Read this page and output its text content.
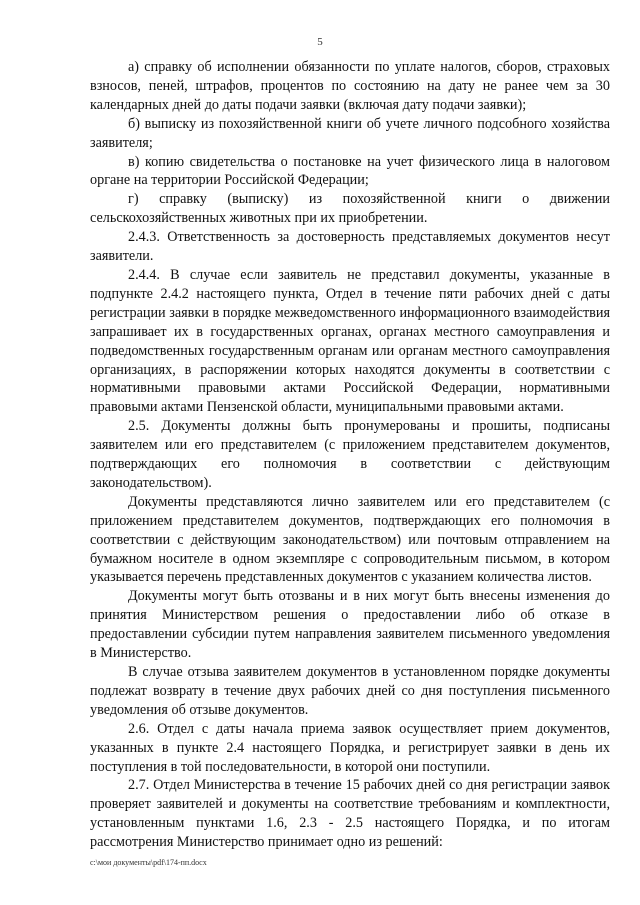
5

а) справку об исполнении обязанности по уплате налогов, сборов, страховых взносов, пеней, штрафов, процентов по состоянию на дату не ранее чем за 30 календарных дней до даты подачи заявки (включая дату подачи заявки);

б) выписку из похозяйственной книги об учете личного подсобного хозяйства заявителя;

в) копию свидетельства о постановке на учет физического лица в налоговом органе на территории Российской Федерации;

г) справку (выписку) из похозяйственной книги о движении сельскохозяйственных животных при их приобретении.

2.4.3. Ответственность за достоверность представляемых документов несут заявители.

2.4.4. В случае если заявитель не представил документы, указанные в подпункте 2.4.2 настоящего пункта, Отдел в течение пяти рабочих дней с даты регистрации заявки в порядке межведомственного информационного взаимодействия запрашивает их в государственных органах, органах местного самоуправления и подведомственных государственным органам или органам местного самоуправления организациях, в распоряжении которых находятся документы в соответствии с нормативными правовыми актами Российской Федерации, нормативными правовыми актами Пензенской области, муниципальными правовыми актами.

2.5. Документы должны быть пронумерованы и прошиты, подписаны заявителем или его представителем (с приложением представителем документов, подтверждающих его полномочия в соответствии с действующим законодательством).

Документы представляются лично заявителем или его представителем (с приложением представителем документов, подтверждающих его полномочия в соответствии с действующим законодательством) или почтовым отправлением на бумажном носителе в одном экземпляре с сопроводительным письмом, в котором указывается перечень представленных документов с указанием количества листов.

Документы могут быть отозваны и в них могут быть внесены изменения до принятия Министерством решения о предоставлении либо об отказе в предоставлении субсидии путем направления заявителем письменного уведомления в Министерство.

В случае отзыва заявителем документов в установленном порядке документы подлежат возврату в течение двух рабочих дней со дня поступления письменного уведомления об отзыве документов.

2.6. Отдел с даты начала приема заявок осуществляет прием документов, указанных в пункте 2.4 настоящего Порядка, и регистрирует заявки в день их поступления в той последовательности, в которой они поступили.

2.7. Отдел Министерства в течение 15 рабочих дней со дня регистрации заявок проверяет заявителей и документы на соответствие требованиям и комплектности, установленным пунктами 1.6, 2.3 - 2.5 настоящего Порядка, и по итогам рассмотрения Министерство принимает одно из решений:

c:\мои документы\pdf\174-пп.docx
